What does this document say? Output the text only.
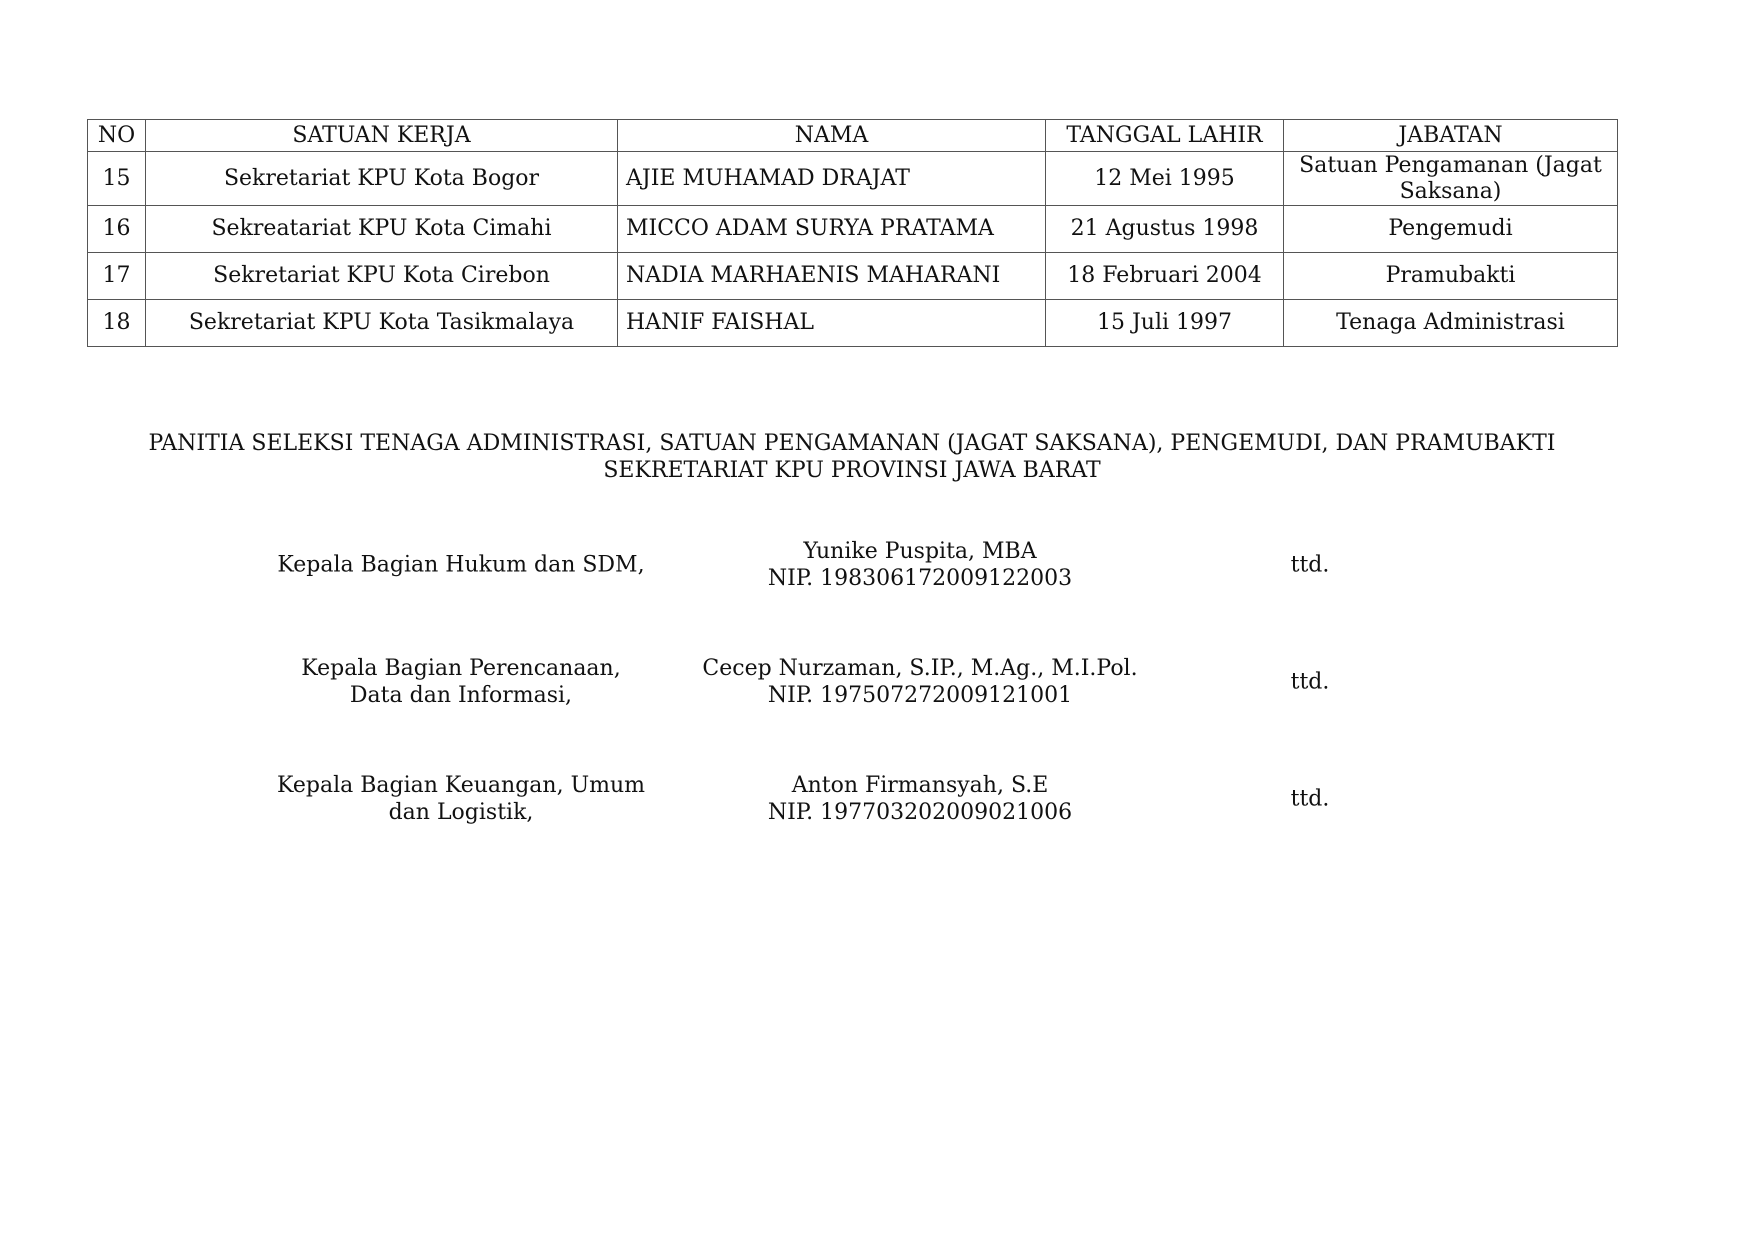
NO	SATUAN KERJA	NAMA	TANGGAL LAHIR	JABATAN
15	Sekretariat KPU Kota Bogor	AJIE MUHAMAD DRAJAT	12 Mei 1995	Satuan Pengamanan (Jagat
Saksana)

16	Sekreatariat KPU Kota Cimahi	MICCO ADAM SURYA PRATAMA	21 Agustus 1998	Pengemudi
17	Sekretariat KPU Kota Cirebon	NADIA MARHAENIS MAHARANI	18 Februari 2004	Pramubakti
18	Sekretariat KPU Kota Tasikmalaya	HANIF FAISHAL	15 Juli 1997	Tenaga Administrasi
PANITIA SELEKSI TENAGA ADMINISTRASI, SATUAN PENGAMANAN (JAGAT SAKSANA), PENGEMUDI, DAN PRAMUBAKTI
SEKRETARIAT KPU PROVINSI JAWA BARAT
Kepala Bagian Hukum dan SDM,
Yunike Puspita, MBA
NIP. 198306172009122003
ttd.
Kepala Bagian Perencanaan,
Data dan Informasi,
Cecep Nurzaman, S.IP., M.Ag., M.I.Pol.
NIP. 197507272009121001
ttd.
Kepala Bagian Keuangan, Umum
dan Logistik,
Anton Firmansyah, S.E
NIP. 197703202009021006
ttd.
